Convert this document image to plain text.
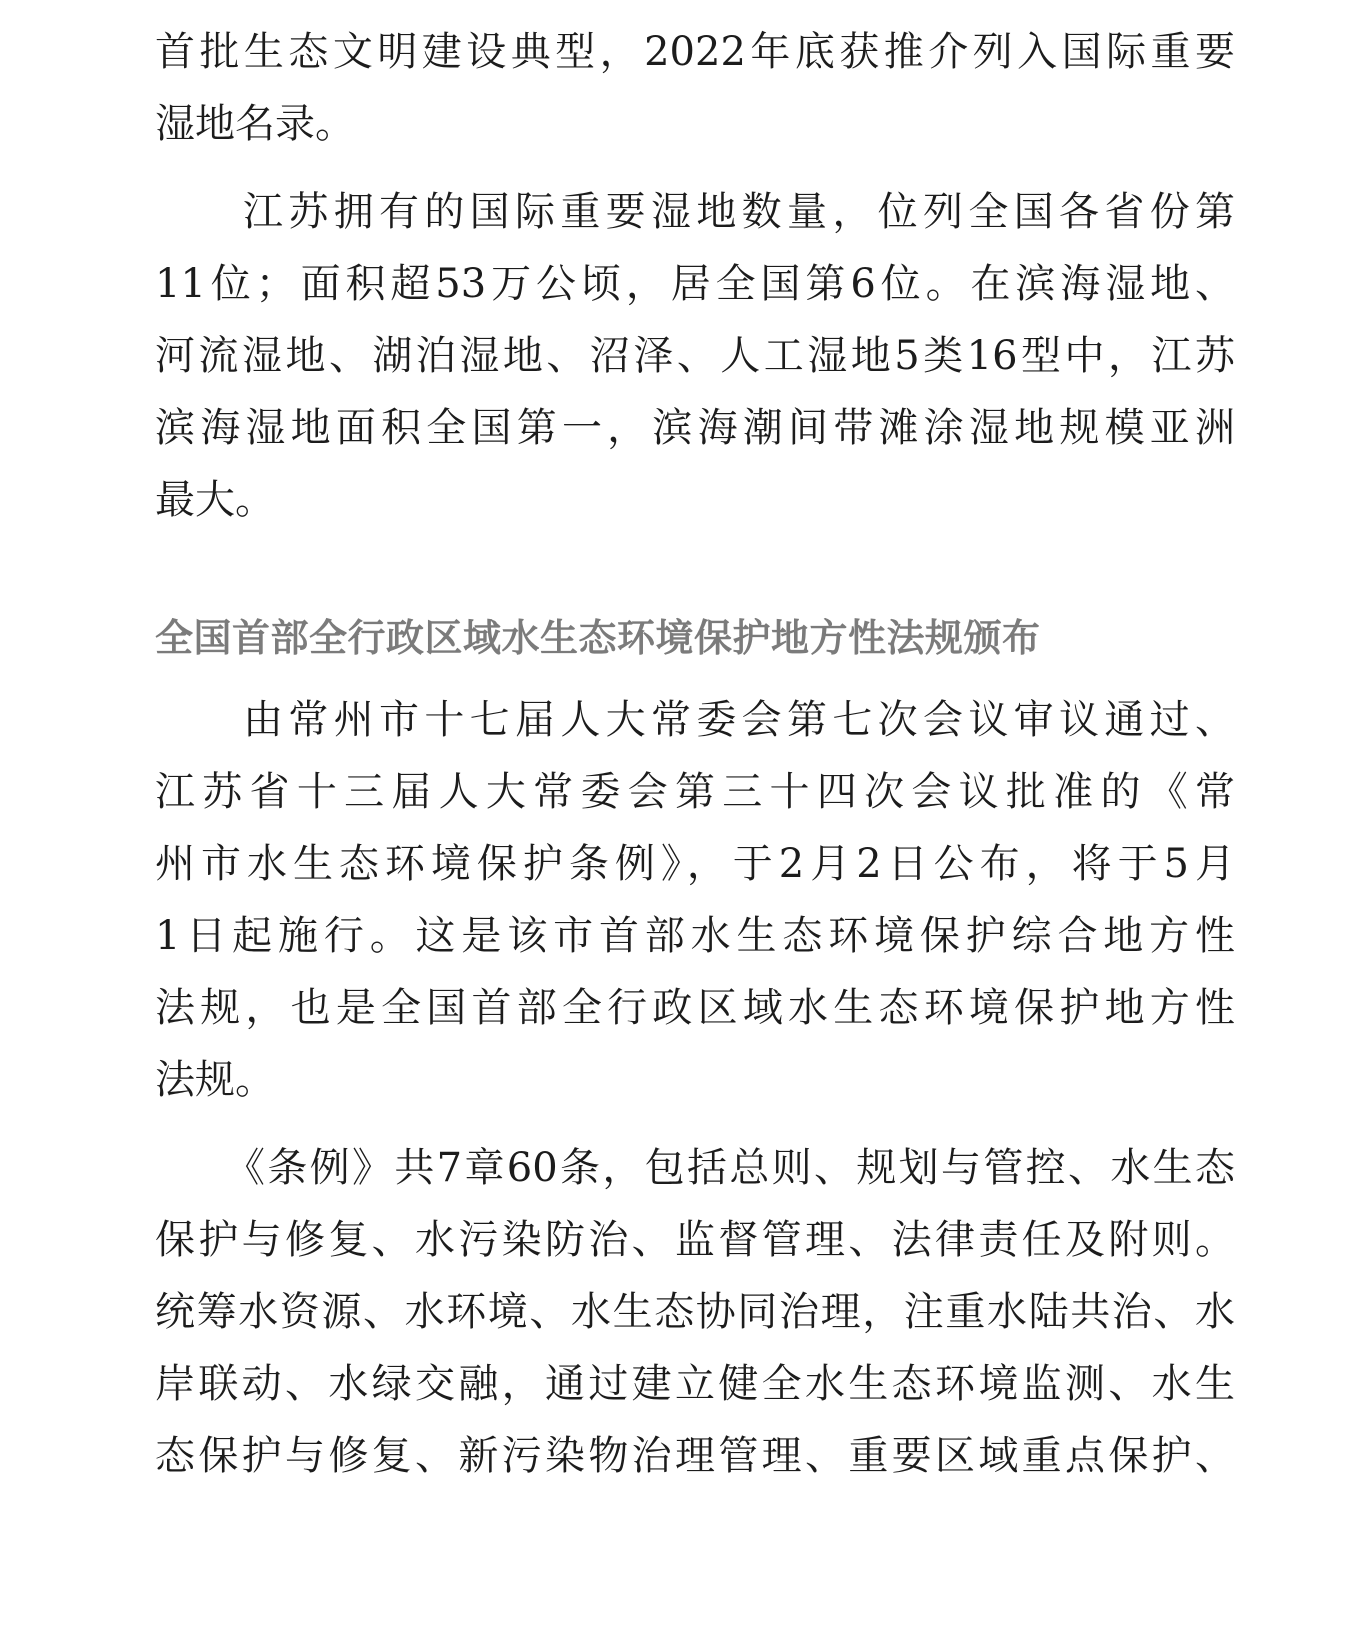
首批生态文明建设典型，2022年底获推介列入国际重要
湿地名录。
江苏拥有的国际重要湿地数量，位列全国各省份第
11位；面积超53万公顷，居全国第6位。在滨海湿地、
河流湿地、湖泊湿地、沼泽、人工湿地5类16型中，江苏
滨海湿地面积全国第一，滨海潮间带滩涂湿地规模亚洲
最大。
全国首部全行政区域水生态环境保护地方性法规颁布
由常州市十七届人大常委会第七次会议审议通过、
江苏省十三届人大常委会第三十四次会议批准的《常
州市水生态环境保护条例》，于2月2日公布，将于5月
1日起施行。这是该市首部水生态环境保护综合地方性
法规，也是全国首部全行政区域水生态环境保护地方性
法规。
《条例》共7章60条，包括总则、规划与管控、水生态
保护与修复、水污染防治、监督管理、法律责任及附则。
统筹水资源、水环境、水生态协同治理，注重水陆共治、水
岸联动、水绿交融，通过建立健全水生态环境监测、水生
态保护与修复、新污染物治理管理、重要区域重点保护、
